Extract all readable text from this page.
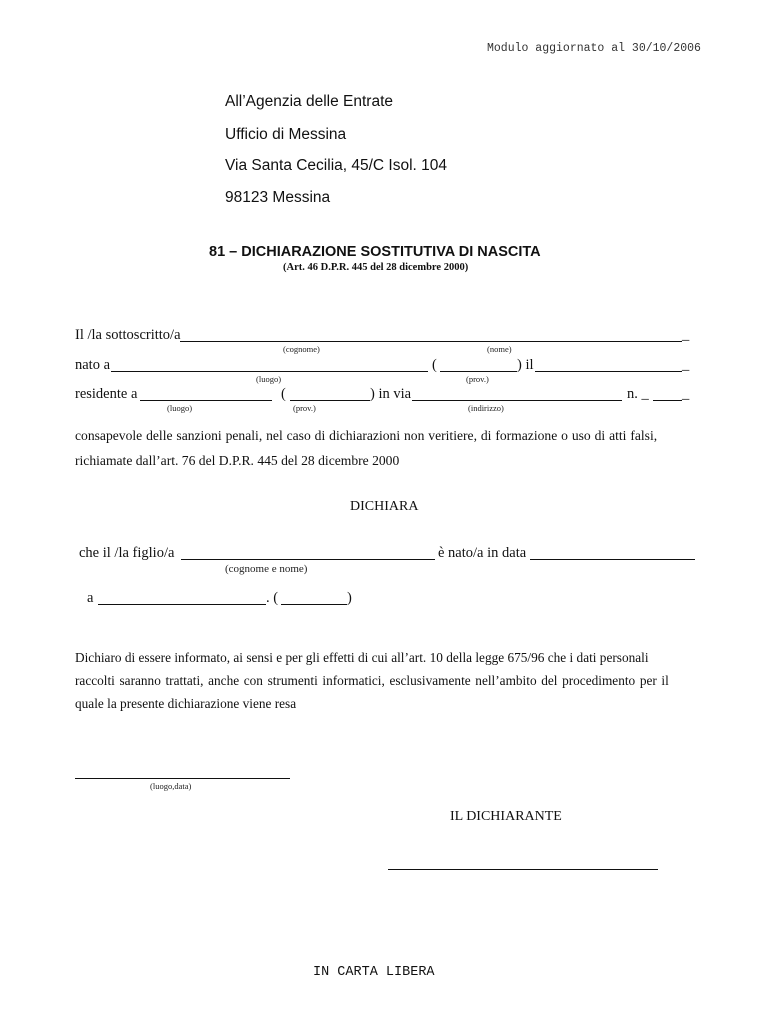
Modulo aggiornato al 30/10/2006
All’Agenzia delle Entrate
Ufficio di Messina
Via Santa Cecilia, 45/C Isol. 104
98123 Messina
81 – DICHIARAZIONE SOSTITUTIVA DI NASCITA
(Art. 46 D.P.R. 445 del 28 dicembre 2000)
Il /la sottoscritto/a	_
(cognome)	(nome)
nato a	(	) il	_
(luogo)	(prov.)
residente a	(	) in via	n. _ _
(luogo)	(prov.)	(indirizzo)
consapevole delle sanzioni penali, nel caso di dichiarazioni non veritiere, di formazione o uso di atti falsi,
richiamate dall’art. 76 del D.P.R. 445 del 28 dicembre 2000
DICHIARA
che il /la figlio/a	è nato/a in data
(cognome e nome)
a	. (	)
Dichiaro di essere informato, ai sensi e per gli effetti di cui all’art. 10 della legge 675/96 che i dati personali
raccolti saranno trattati, anche con strumenti informatici, esclusivamente nell’ambito del procedimento per il
quale la presente dichiarazione viene resa
(luogo,data)
IL DICHIARANTE
IN CARTA LIBERA
